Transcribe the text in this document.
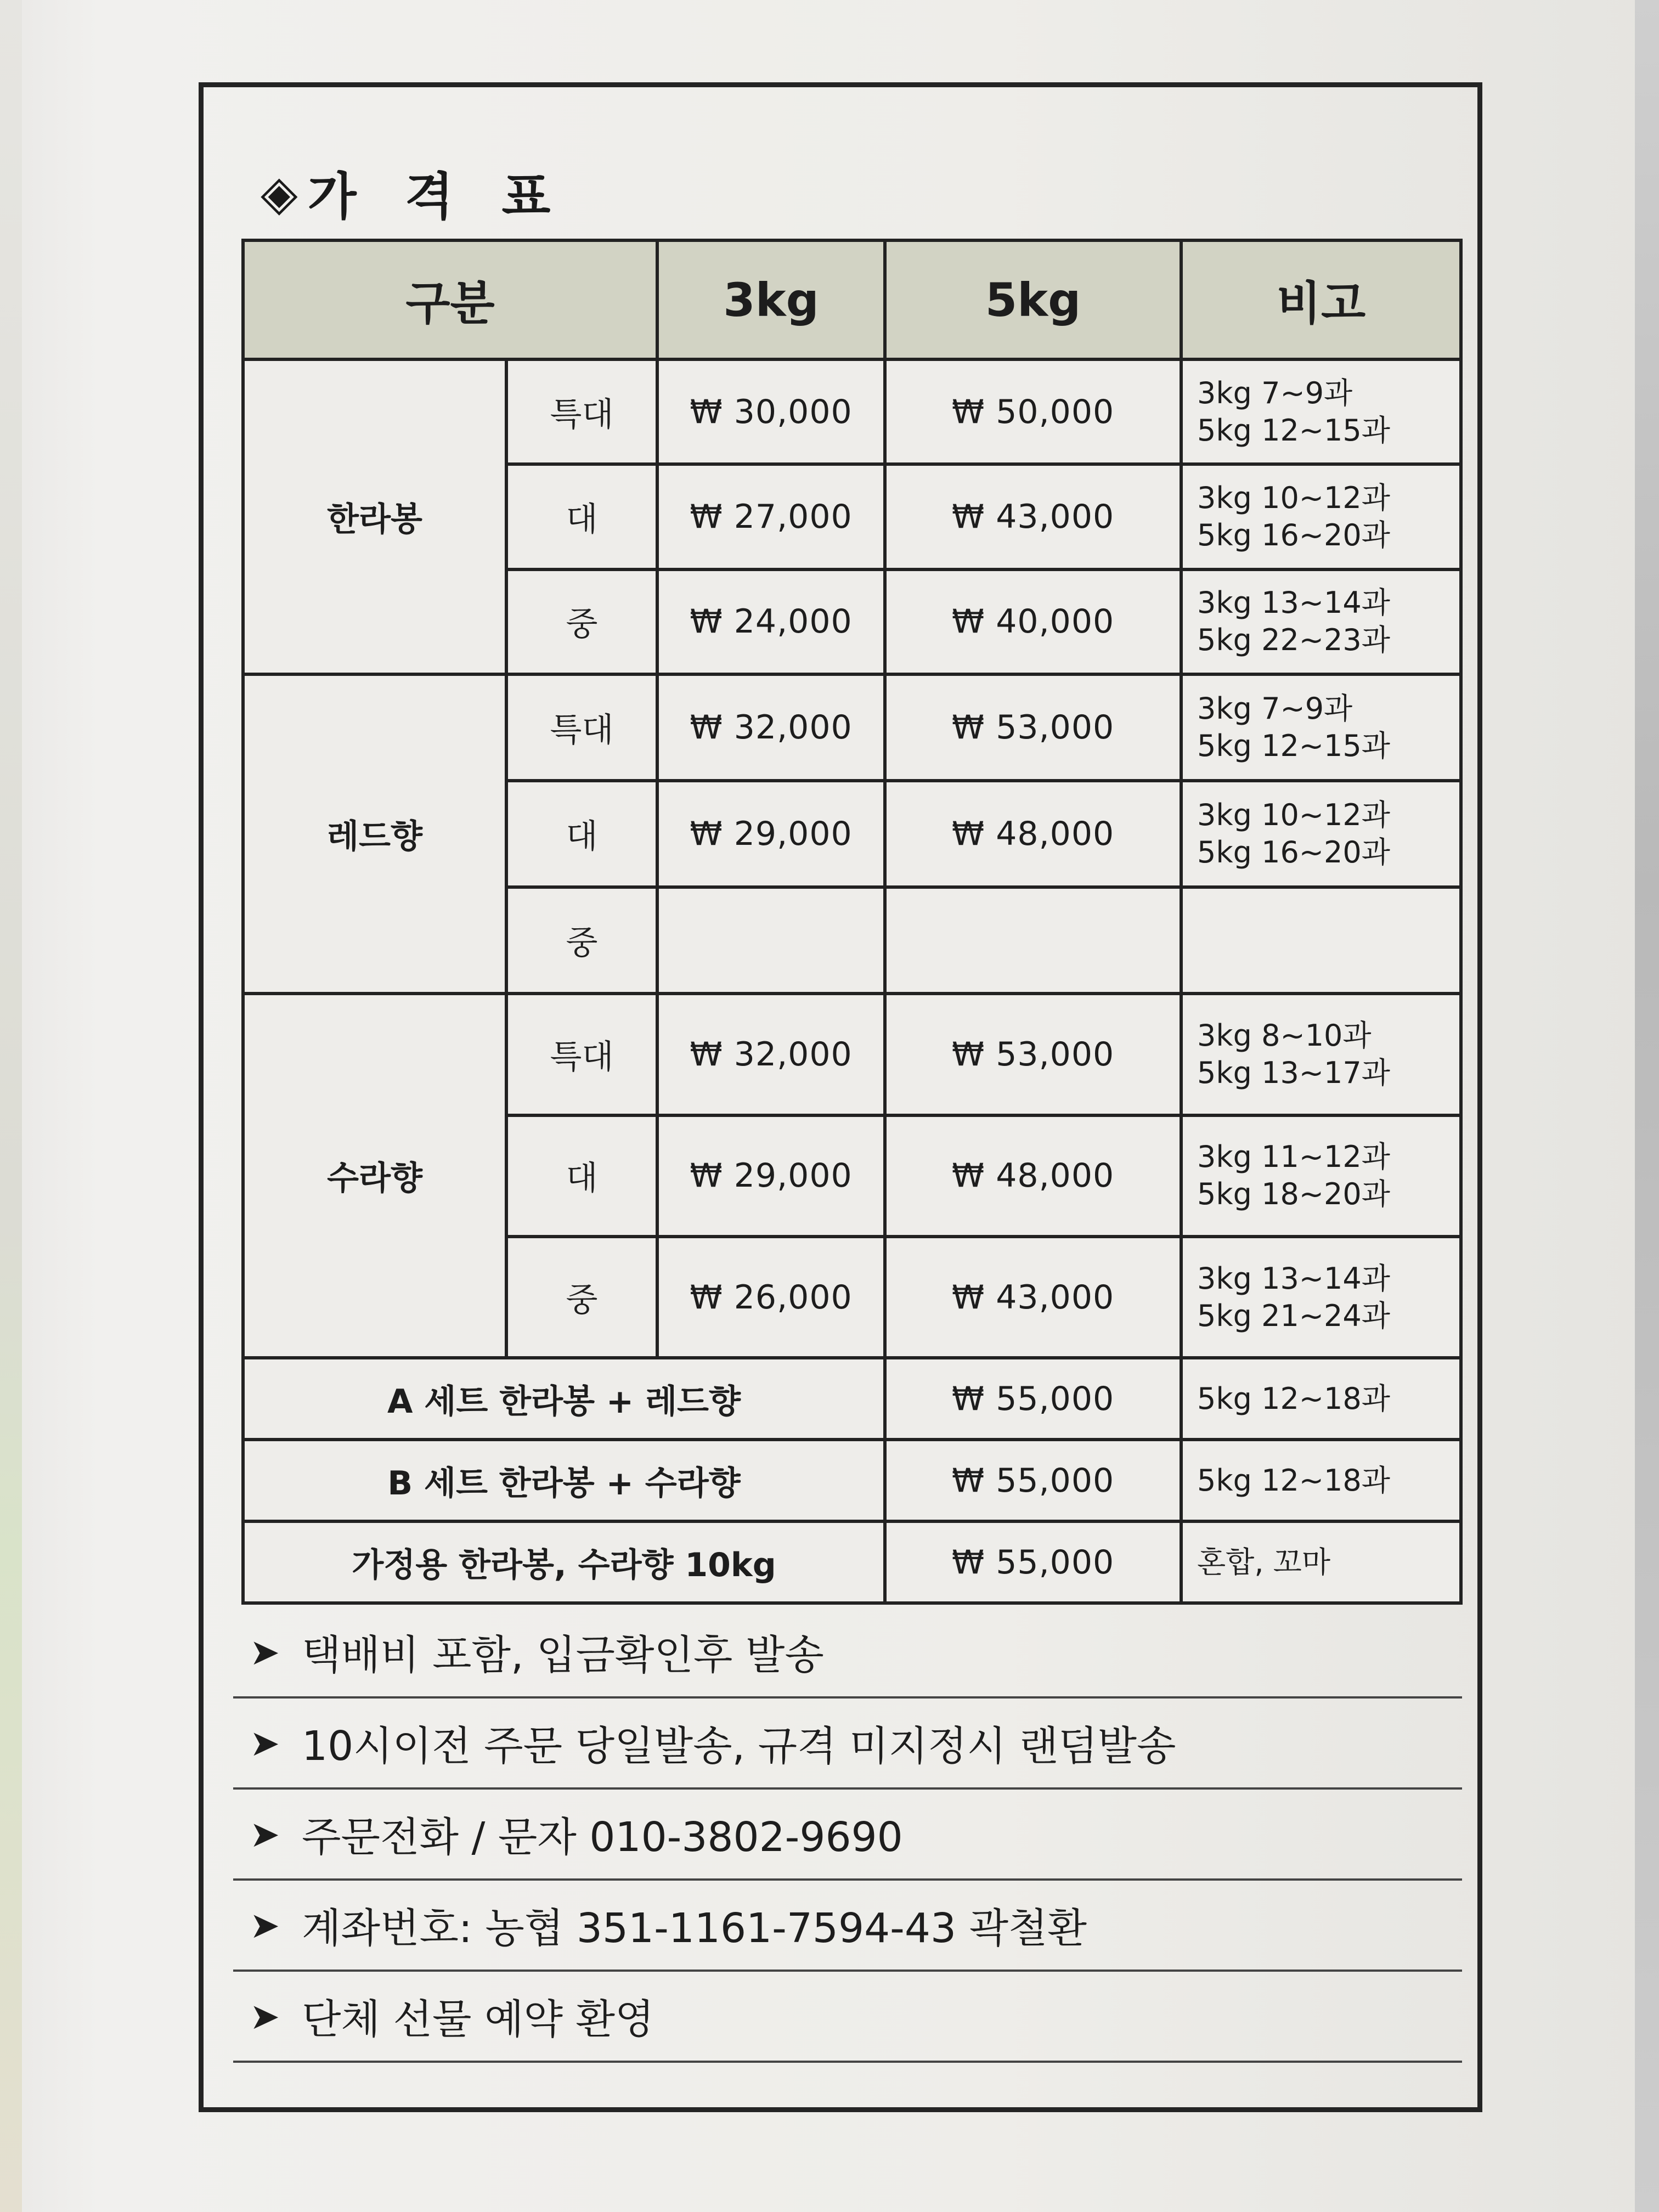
◈ 가 격 표
구분		3kg	5kg	비고
한라봉	특대	₩ 30,000	₩ 50,000	3kg 7~9과
5kg 12~15과

	대	₩ 27,000	₩ 43,000	3kg 10~12과
5kg 16~20과

	중	₩ 24,000	₩ 40,000	3kg 13~14과
5kg 22~23과

레드향	특대	₩ 32,000	₩ 53,000	3kg 7~9과
5kg 12~15과

	대	₩ 29,000	₩ 48,000	3kg 10~12과
5kg 16~20과

	중			

수라향	특대	₩ 32,000	₩ 53,000	3kg 8~10과
5kg 13~17과

	대	₩ 29,000	₩ 48,000	3kg 11~12과
5kg 18~20과

	중	₩ 26,000	₩ 43,000	3kg 13~14과
5kg 21~24과

A 세트 한라봉 + 레드향			₩ 55,000	5kg 12~18과
B 세트 한라봉 + 수라향			₩ 55,000	5kg 12~18과
가정용 한라봉, 수라향 10kg			₩ 55,000	혼합, 꼬마
➤ 택배비 포함, 입금확인후 발송
➤ 10시이전 주문 당일발송, 규격 미지정시 랜덤발송
➤ 주문전화 / 문자 010-3802-9690
➤ 계좌번호: 농협 351-1161-7594-43 곽철환
➤ 단체 선물 예약 환영
